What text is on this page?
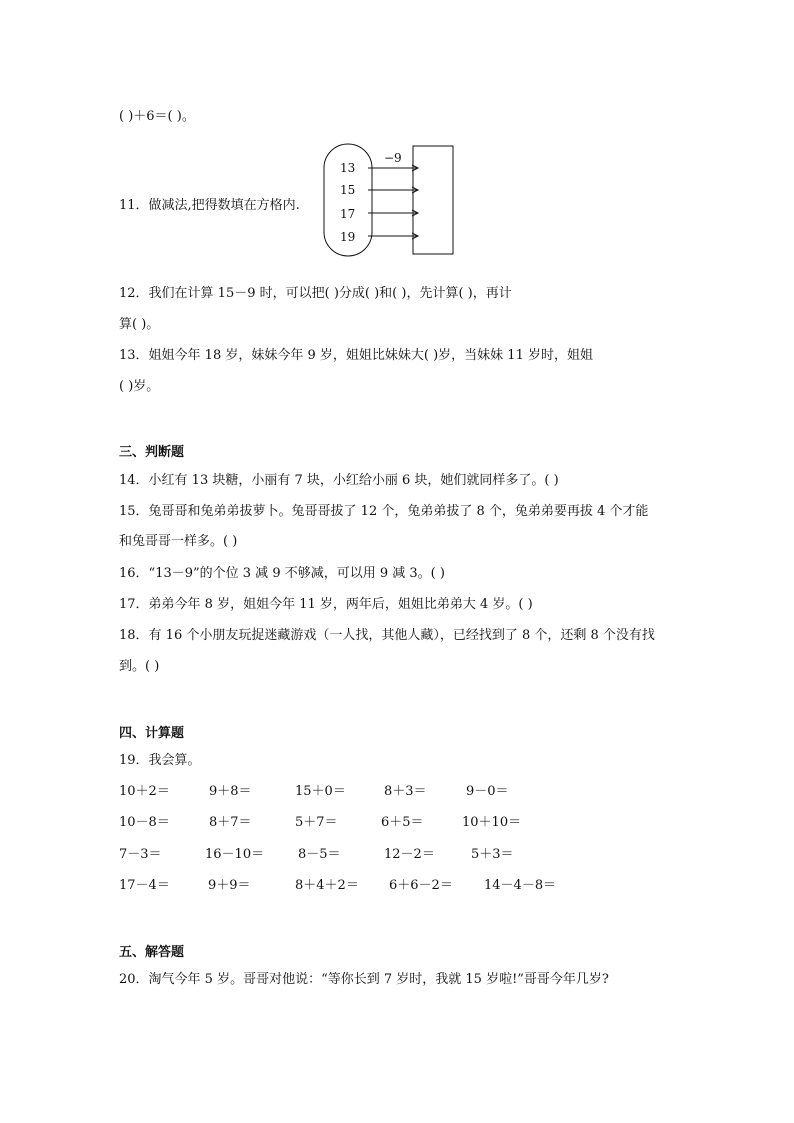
( )＋6＝( )。
11．做减法,把得数填在方格内.
−9
13
15
17
19
12．我们在计算 15－9 时，可以把( )分成( )和( )，先计算( )，再计
算( )。
13．姐姐今年 18 岁，妹妹今年 9 岁，姐姐比妹妹大( )岁，当妹妹 11 岁时，姐姐
( )岁。
三、判断题
14．小红有 13 块糖，小丽有 7 块，小红给小丽 6 块，她们就同样多了。( )
15．兔哥哥和兔弟弟拔萝卜。兔哥哥拔了 12 个，兔弟弟拔了 8 个，兔弟弟要再拔 4 个才能
和兔哥哥一样多。( )
16．“13－9”的个位 3 减 9 不够减，可以用 9 减 3。( )
17．弟弟今年 8 岁，姐姐今年 11 岁，两年后，姐姐比弟弟大 4 岁。( )
18．有 16 个小朋友玩捉迷藏游戏（一人找，其他人藏），已经找到了 8 个，还剩 8 个没有找
到。( )
四、计算题
19．我会算。
10＋2＝	9＋8＝	15＋0＝	8＋3＝	9－0＝
10－8＝	8＋7＝	5＋7＝	6＋5＝	10＋10＝
7－3＝	16－10＝	8－5＝	12－2＝	5＋3＝
17－4＝	9＋9＝	8＋4＋2＝ 6＋6－2＝ 14－4－8＝
五、解答题
20．淘气今年 5 岁。哥哥对他说：“等你长到 7 岁时，我就 15 岁啦!”哥哥今年几岁?
